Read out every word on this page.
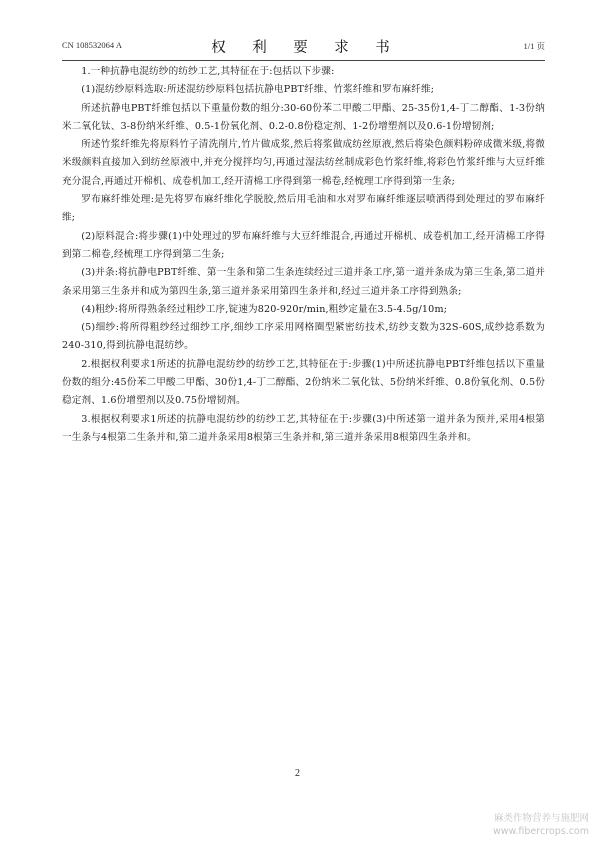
CN 108532064 A	权　利　要　求　书	1/1 页

1.一种抗静电混纺纱的纺纱工艺,其特征在于:包括以下步骤:

(1)混纺纱原料选取:所述混纺纱原料包括抗静电PBT纤维、竹浆纤维和罗布麻纤维;

所述抗静电PBT纤维包括以下重量份数的组分:30-60份苯二甲酸二甲酯、25-35份1,4-丁二醇酯、1-3份纳米二氧化钛、3-8份纳米纤维、0.5-1份氧化剂、0.2-0.8份稳定剂、1-2份增塑剂以及0.6-1份增韧剂;

所述竹浆纤维先将原料竹子清洗削片,竹片做成浆,然后将浆做成纺丝原液,然后将染色颜料粉碎成微米级,将微米级颜料直接加入到纺丝原液中,并充分搅拌均匀,再通过湿法纺丝制成彩色竹浆纤维,将彩色竹浆纤维与大豆纤维充分混合,再通过开棉机、成卷机加工,经开清棉工序得到第一棉卷,经梳理工序得到第一生条;

罗布麻纤维处理:是先将罗布麻纤维化学脱胶,然后用毛油和水对罗布麻纤维逐层喷洒得到处理过的罗布麻纤维;

(2)原料混合:将步骤(1)中处理过的罗布麻纤维与大豆纤维混合,再通过开棉机、成卷机加工,经开清棉工序得到第二棉卷,经梳理工序得到第二生条;

(3)并条:将抗静电PBT纤维、第一生条和第二生条连续经过三道并条工序,第一道并条成为第三生条,第二道并条采用第三生条并和成为第四生条,第三道并条采用第四生条并和,经过三道并条工序得到熟条;

(4)粗纱:将所得熟条经过粗纱工序,锭速为820-920r/min,粗纱定量在3.5-4.5g/10m;

(5)细纱:将所得粗纱经过细纱工序,细纱工序采用网格圈型紧密纺技术,纺纱支数为32S-60S,成纱捻系数为240-310,得到抗静电混纺纱。

2.根据权利要求1所述的抗静电混纺纱的纺纱工艺,其特征在于:步骤(1)中所述抗静电PBT纤维包括以下重量份数的组分:45份苯二甲酸二甲酯、30份1,4-丁二醇酯、2份纳米二氧化钛、5份纳米纤维、0.8份氧化剂、0.5份稳定剂、1.6份增塑剂以及0.75份增韧剂。

3.根据权利要求1所述的抗静电混纺纱的纺纱工艺,其特征在于:步骤(3)中所述第一道并条为预并,采用4根第一生条与4根第二生条并和,第二道并条采用8根第三生条并和,第三道并条采用8根第四生条并和。

2
麻类作物营养与施肥网
www.fibercrops.com
